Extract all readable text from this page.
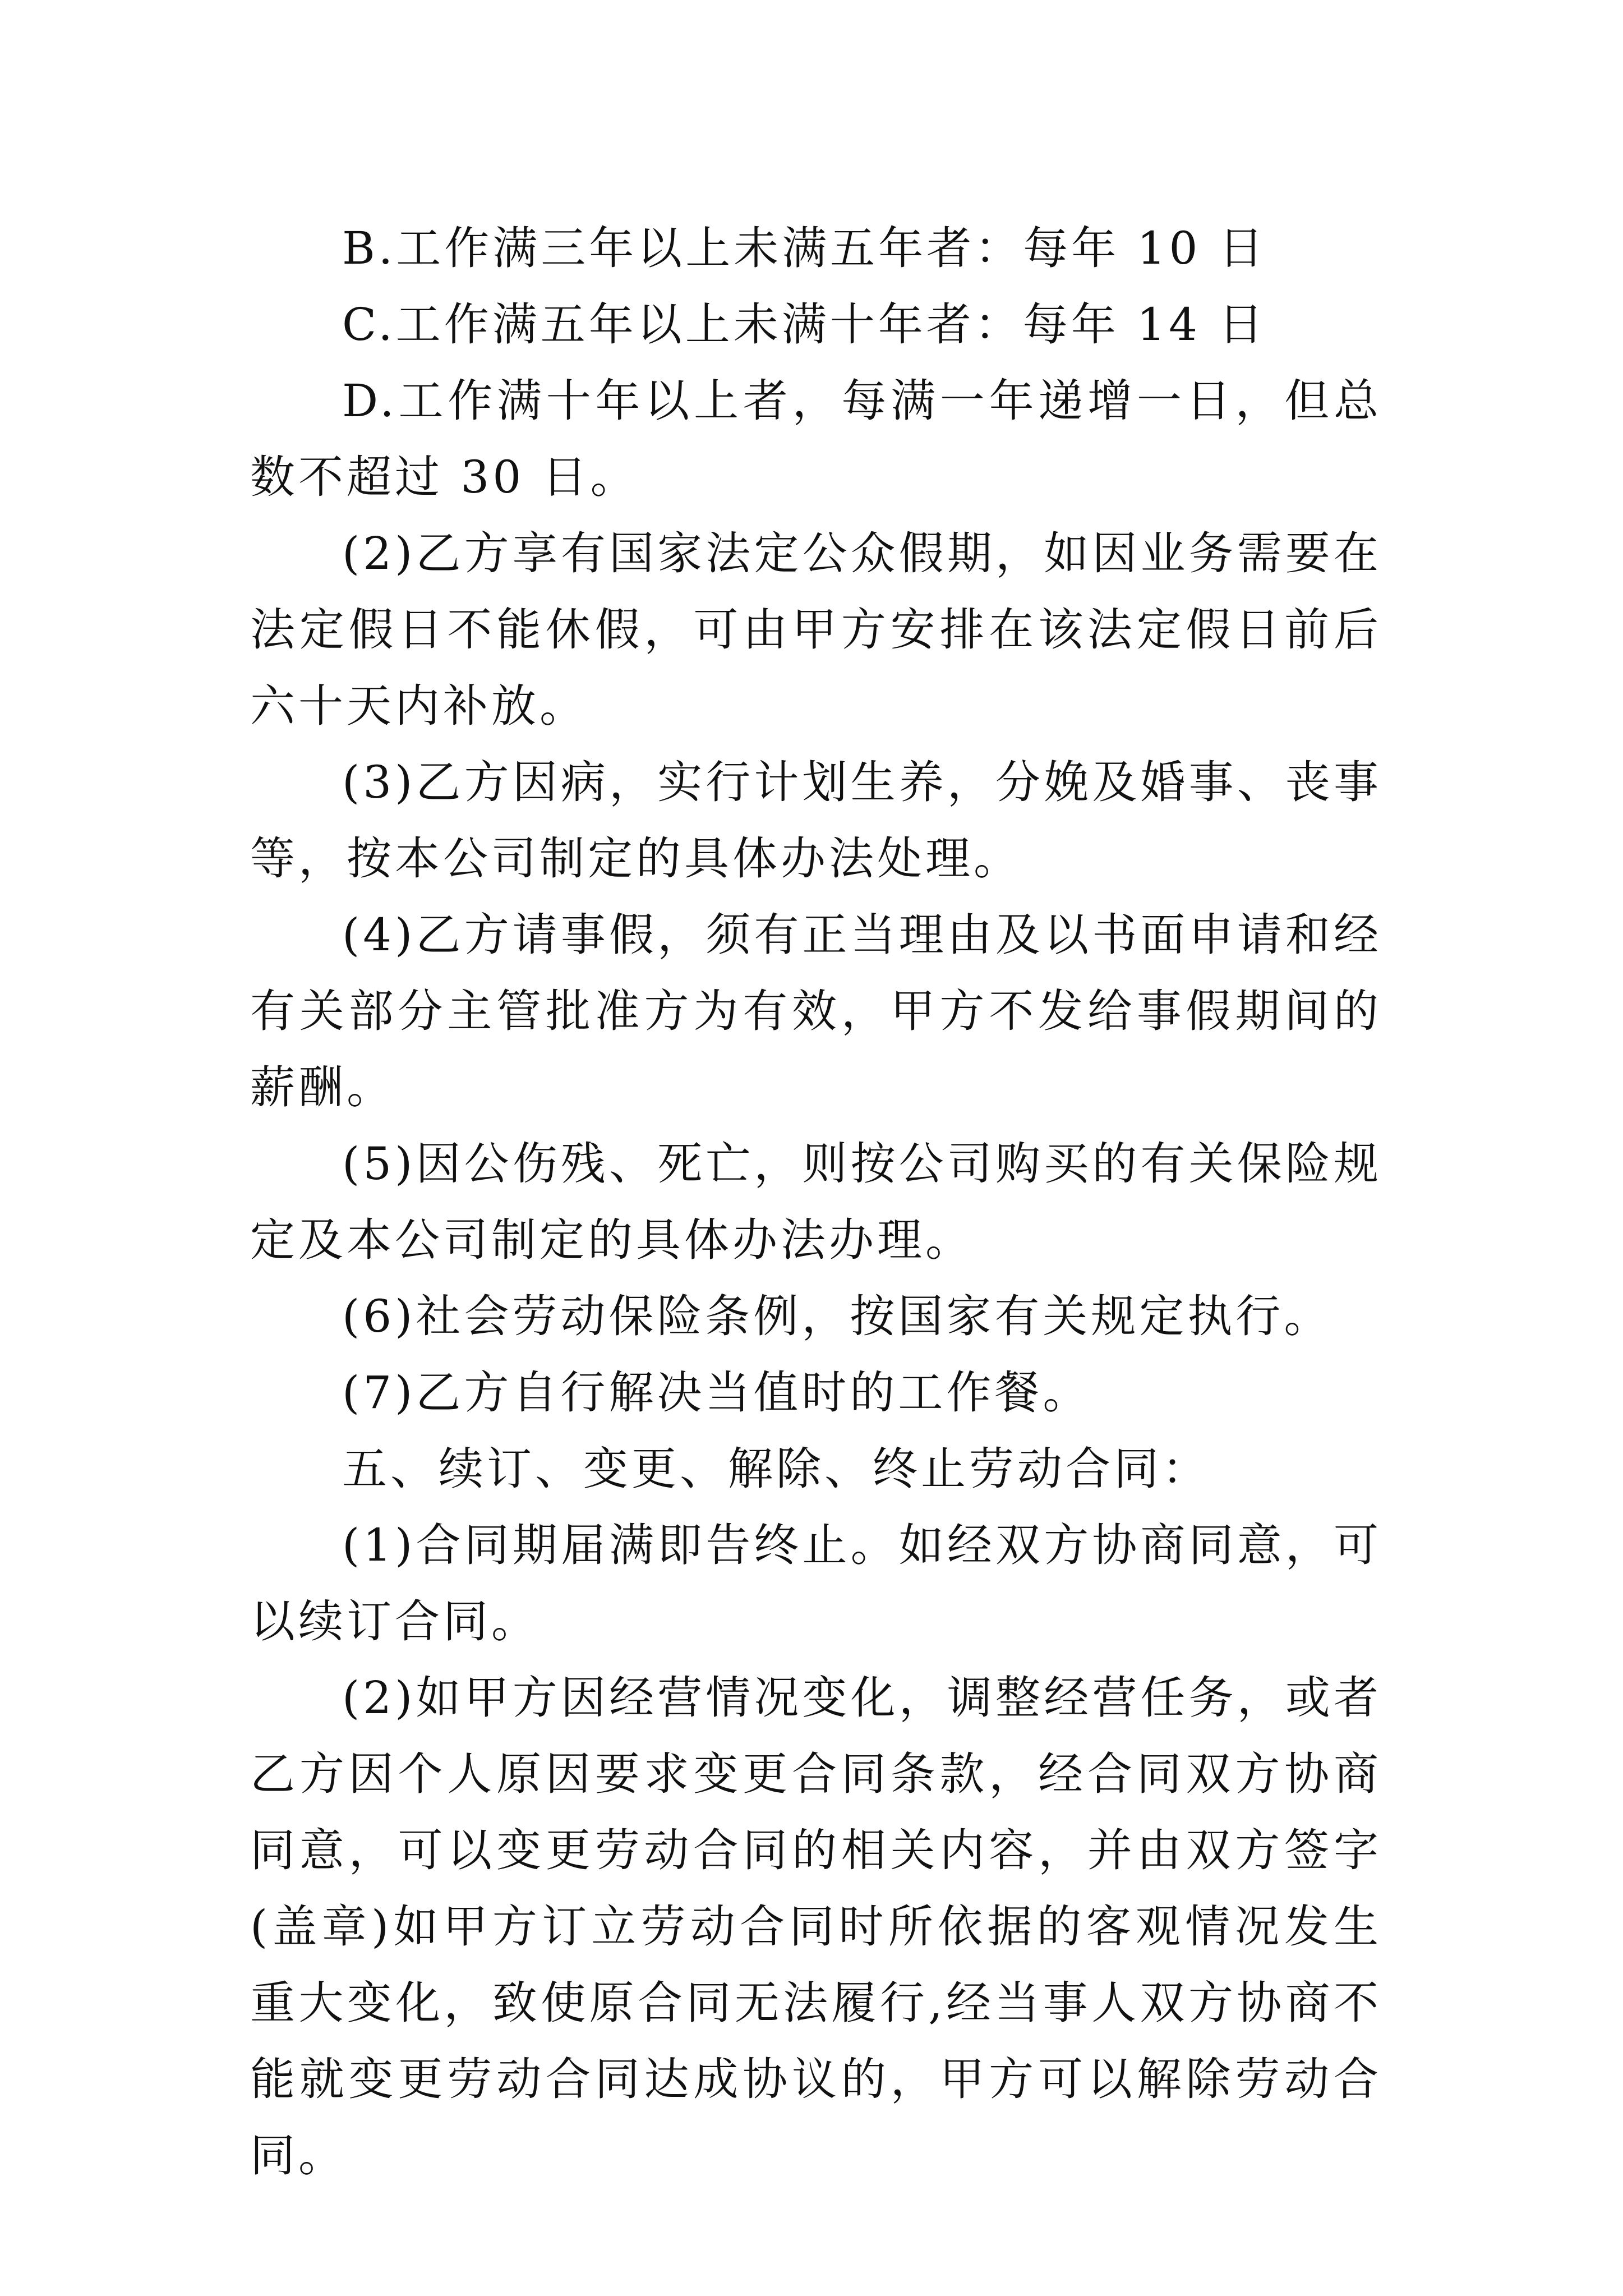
B.工作满三年以上未满五年者：每年 10 日

C.工作满五年以上未满十年者：每年 14 日

D.工作满十年以上者，每满一年递增一日，但总数不超过 30 日。

(2)乙方享有国家法定公众假期，如因业务需要在法定假日不能休假，可由甲方安排在该法定假日前后六十天内补放。

(3)乙方因病，实行计划生养，分娩及婚事、丧事等，按本公司制定的具体办法处理。

(4)乙方请事假，须有正当理由及以书面申请和经有关部分主管批准方为有效，甲方不发给事假期间的薪酬。

(5)因公伤残、死亡，则按公司购买的有关保险规定及本公司制定的具体办法办理。

(6)社会劳动保险条例，按国家有关规定执行。

(7)乙方自行解决当值时的工作餐。

五、续订、变更、解除、终止劳动合同：

(1)合同期届满即告终止。如经双方协商同意，可以续订合同。

(2)如甲方因经营情况变化，调整经营任务，或者乙方因个人原因要求变更合同条款，经合同双方协商同意，可以变更劳动合同的相关内容，并由双方签字(盖章)如甲方订立劳动合同时所依据的客观情况发生重大变化，致使原合同无法履行,经当事人双方协商不能就变更劳动合同达成协议的，甲方可以解除劳动合同。
